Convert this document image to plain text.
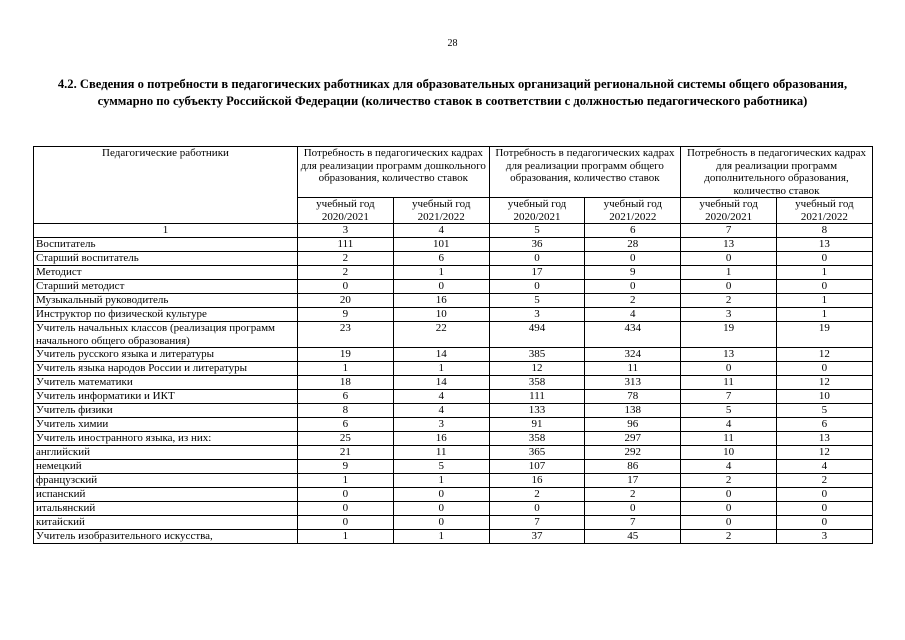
28
4.2. Сведения о потребности в педагогических работниках для образовательных организаций региональной системы общего образования, суммарно по субъекту Российской Федерации (количество ставок в соответствии с должностью педагогического работника)
Педагогические работники	Потребность в педагогических кадрах для реализации программ дошкольного образования, количество ставок		Потребность в педагогических кадрах для реализации программ общего образования, количество ставок		Потребность в педагогических кадрах для реализации программ дополнительного образования, количество ставок	
	учебный год 2020/2021	учебный год 2021/2022	учебный год 2020/2021	учебный год 2021/2022	учебный год 2020/2021	учебный год 2021/2022
1	3	4	5	6	7	8
Воспитатель	111	101	36	28	13	13
Старший воспитатель	2	6	0	0	0	0
Методист	2	1	17	9	1	1
Старший методист	0	0	0	0	0	0
Музыкальный руководитель	20	16	5	2	2	1
Инструктор по физической культуре	9	10	3	4	3	1
Учитель начальных классов (реализация программ начального общего образования)	23	22	494	434	19	19
Учитель русского языка и литературы	19	14	385	324	13	12
Учитель языка народов России и литературы	1	1	12	11	0	0
Учитель математики	18	14	358	313	11	12
Учитель информатики и ИКТ	6	4	111	78	7	10
Учитель физики	8	4	133	138	5	5
Учитель химии	6	3	91	96	4	6
Учитель иностранного языка, из них:	25	16	358	297	11	13
английский	21	11	365	292	10	12
немецкий	9	5	107	86	4	4
французский	1	1	16	17	2	2
испанский	0	0	2	2	0	0
итальянский	0	0	0	0	0	0
китайский	0	0	7	7	0	0
Учитель изобразительного искусства,	1	1	37	45	2	3
